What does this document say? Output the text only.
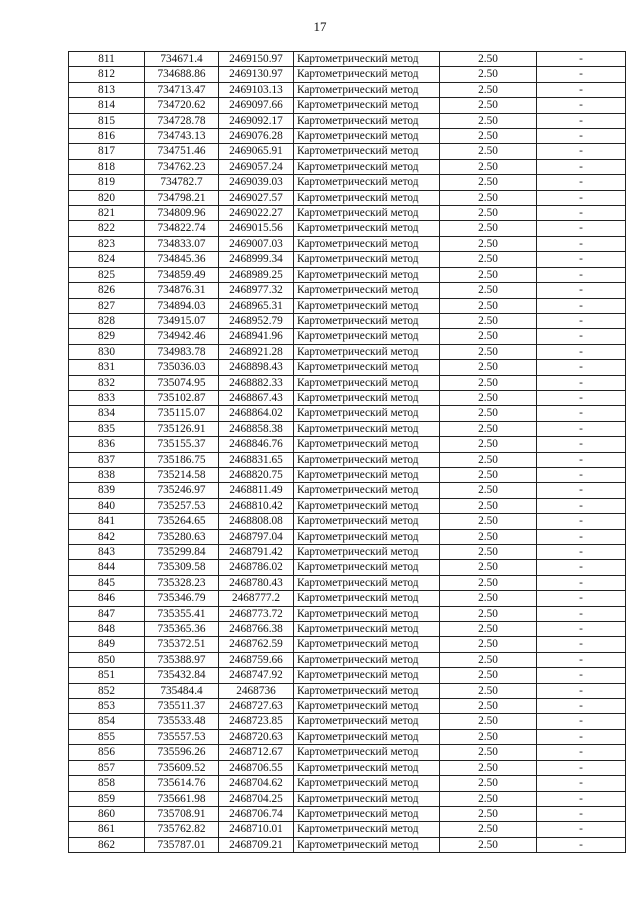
17
811	734671.4	2469150.97	Картометрический метод	2.50	-
812	734688.86	2469130.97	Картометрический метод	2.50	-
813	734713.47	2469103.13	Картометрический метод	2.50	-
814	734720.62	2469097.66	Картометрический метод	2.50	-
815	734728.78	2469092.17	Картометрический метод	2.50	-
816	734743.13	2469076.28	Картометрический метод	2.50	-
817	734751.46	2469065.91	Картометрический метод	2.50	-
818	734762.23	2469057.24	Картометрический метод	2.50	-
819	734782.7	2469039.03	Картометрический метод	2.50	-
820	734798.21	2469027.57	Картометрический метод	2.50	-
821	734809.96	2469022.27	Картометрический метод	2.50	-
822	734822.74	2469015.56	Картометрический метод	2.50	-
823	734833.07	2469007.03	Картометрический метод	2.50	-
824	734845.36	2468999.34	Картометрический метод	2.50	-
825	734859.49	2468989.25	Картометрический метод	2.50	-
826	734876.31	2468977.32	Картометрический метод	2.50	-
827	734894.03	2468965.31	Картометрический метод	2.50	-
828	734915.07	2468952.79	Картометрический метод	2.50	-
829	734942.46	2468941.96	Картометрический метод	2.50	-
830	734983.78	2468921.28	Картометрический метод	2.50	-
831	735036.03	2468898.43	Картометрический метод	2.50	-
832	735074.95	2468882.33	Картометрический метод	2.50	-
833	735102.87	2468867.43	Картометрический метод	2.50	-
834	735115.07	2468864.02	Картометрический метод	2.50	-
835	735126.91	2468858.38	Картометрический метод	2.50	-
836	735155.37	2468846.76	Картометрический метод	2.50	-
837	735186.75	2468831.65	Картометрический метод	2.50	-
838	735214.58	2468820.75	Картометрический метод	2.50	-
839	735246.97	2468811.49	Картометрический метод	2.50	-
840	735257.53	2468810.42	Картометрический метод	2.50	-
841	735264.65	2468808.08	Картометрический метод	2.50	-
842	735280.63	2468797.04	Картометрический метод	2.50	-
843	735299.84	2468791.42	Картометрический метод	2.50	-
844	735309.58	2468786.02	Картометрический метод	2.50	-
845	735328.23	2468780.43	Картометрический метод	2.50	-
846	735346.79	2468777.2	Картометрический метод	2.50	-
847	735355.41	2468773.72	Картометрический метод	2.50	-
848	735365.36	2468766.38	Картометрический метод	2.50	-
849	735372.51	2468762.59	Картометрический метод	2.50	-
850	735388.97	2468759.66	Картометрический метод	2.50	-
851	735432.84	2468747.92	Картометрический метод	2.50	-
852	735484.4	2468736	Картометрический метод	2.50	-
853	735511.37	2468727.63	Картометрический метод	2.50	-
854	735533.48	2468723.85	Картометрический метод	2.50	-
855	735557.53	2468720.63	Картометрический метод	2.50	-
856	735596.26	2468712.67	Картометрический метод	2.50	-
857	735609.52	2468706.55	Картометрический метод	2.50	-
858	735614.76	2468704.62	Картометрический метод	2.50	-
859	735661.98	2468704.25	Картометрический метод	2.50	-
860	735708.91	2468706.74	Картометрический метод	2.50	-
861	735762.82	2468710.01	Картометрический метод	2.50	-
862	735787.01	2468709.21	Картометрический метод	2.50	-
